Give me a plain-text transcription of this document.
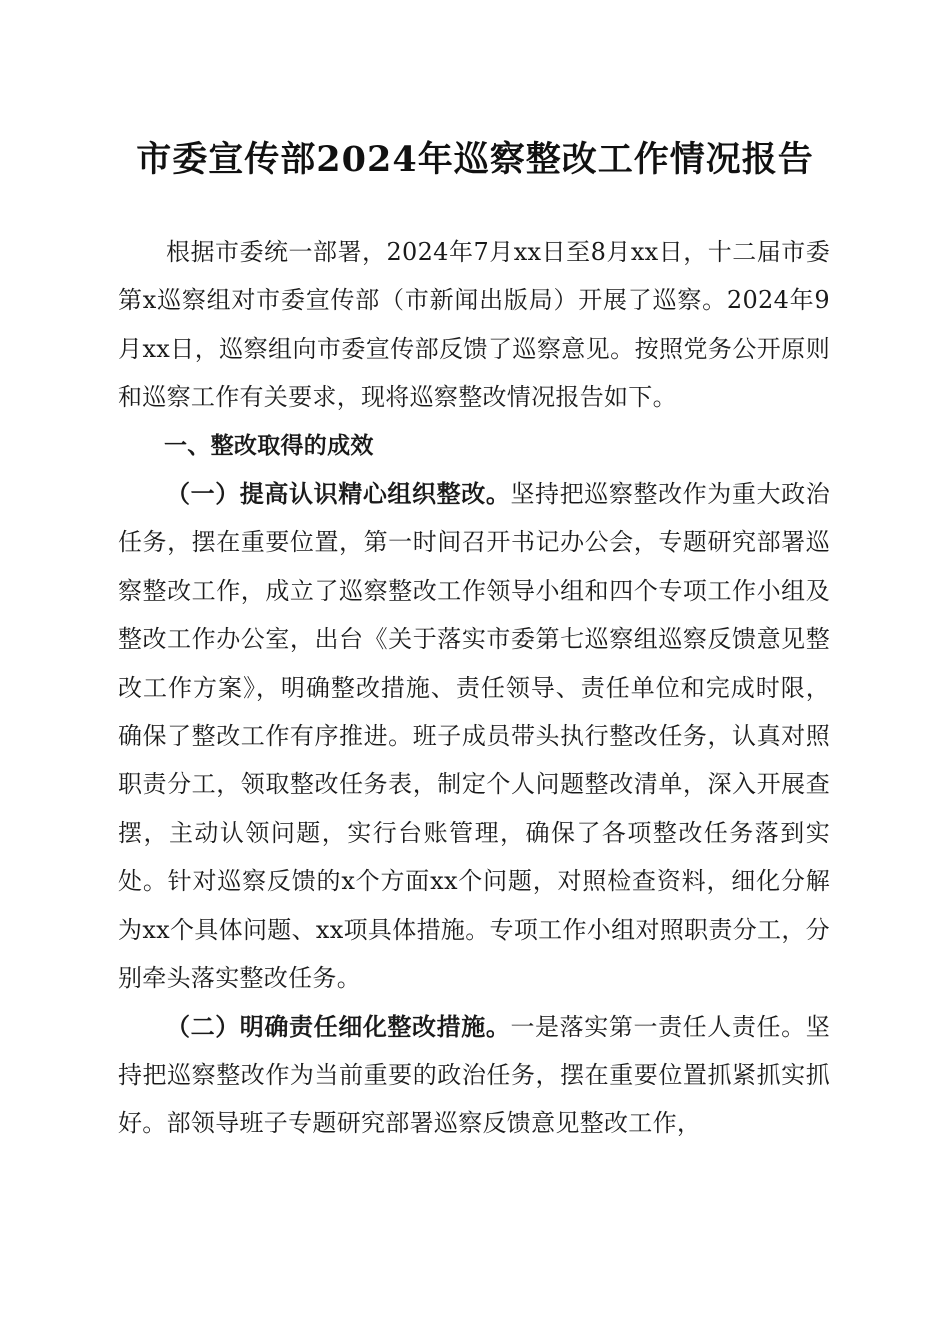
市委宣传部2024年巡察整改工作情况报告

根据市委统一部署，2024年7月xx日至8月xx日，十二届市委第x巡察组对市委宣传部（市新闻出版局）开展了巡察。2024年9月xx日，巡察组向市委宣传部反馈了巡察意见。按照党务公开原则和巡察工作有关要求，现将巡察整改情况报告如下。

一、整改取得的成效

（一）提高认识精心组织整改。坚持把巡察整改作为重大政治任务，摆在重要位置，第一时间召开书记办公会，专题研究部署巡察整改工作，成立了巡察整改工作领导小组和四个专项工作小组及整改工作办公室，出台《关于落实市委第七巡察组巡察反馈意见整改工作方案》，明确整改措施、责任领导、责任单位和完成时限，确保了整改工作有序推进。班子成员带头执行整改任务，认真对照职责分工，领取整改任务表，制定个人问题整改清单，深入开展查摆，主动认领问题，实行台账管理，确保了各项整改任务落到实处。针对巡察反馈的x个方面xx个问题，对照检查资料，细化分解为xx个具体问题、xx项具体措施。专项工作小组对照职责分工，分别牵头落实整改任务。

（二）明确责任细化整改措施。一是落实第一责任人责任。坚持把巡察整改作为当前重要的政治任务，摆在重要位置抓紧抓实抓好。部领导班子专题研究部署巡察反馈意见整改工作，
